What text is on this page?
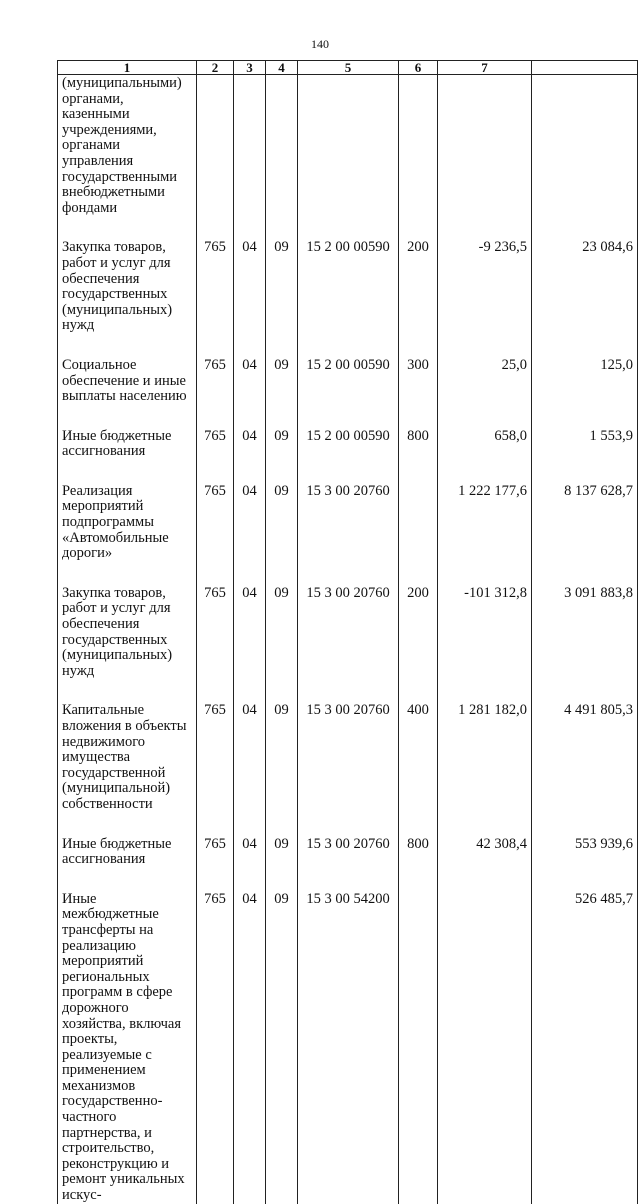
140
1	2	3	4	5	6	7	
(муниципальными) органами, казенными учреждениями, органами управления государственными внебюджетными фондами							
Закупка товаров, работ и услуг для обеспечения государственных (муниципальных) нужд	765	04	09	15 2 00 00590	200	-9 236,5	23 084,6
Социальное обеспечение и иные выплаты населению	765	04	09	15 2 00 00590	300	25,0	125,0
Иные бюджетные ассигнования	765	04	09	15 2 00 00590	800	658,0	1 553,9
Реализация мероприятий подпрограммы «Автомобильные дороги»	765	04	09	15 3 00 20760		1 222 177,6	8 137 628,7
Закупка товаров, работ и услуг для обеспечения государственных (муниципальных) нужд	765	04	09	15 3 00 20760	200	-101 312,8	3 091 883,8
Капитальные вложения в объекты недвижимого имущества государственной (муниципальной) собственности	765	04	09	15 3 00 20760	400	1 281 182,0	4 491 805,3
Иные бюджетные ассигнования	765	04	09	15 3 00 20760	800	42 308,4	553 939,6
Иные межбюджетные трансферты на реализацию мероприятий региональных программ в сфере дорожного хозяйства, включая проекты, реализуемые с применением механизмов государственно-частного партнерства, и строительство, реконструкцию и ремонт уникальных искус-	765	04	09	15 3 00 54200			526 485,7
